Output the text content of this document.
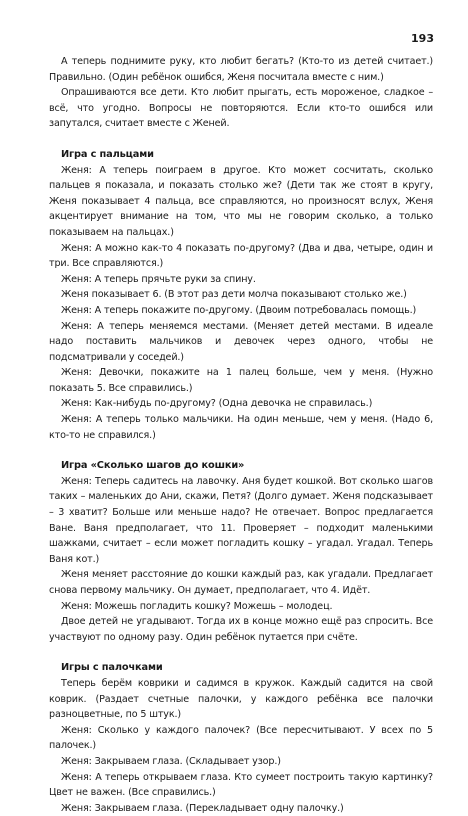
193

А теперь поднимите руку, кто любит бегать? (Кто-то из детей считает.) Правильно. (Один ребёнок ошибся, Женя посчитала вместе с ним.)

Опрашиваются все дети. Кто любит прыгать, есть мороженое, сладкое – всё, что угодно. Вопросы не повторяются. Если кто-то ошибся или запутался, считает вместе с Женей.

Игра с пальцами

Женя: А теперь поиграем в другое. Кто может сосчитать, сколько пальцев я показала, и показать столько же? (Дети так же стоят в кругу, Женя показывает 4 пальца, все справляются, но произносят вслух, Женя акцентирует внимание на том, что мы не говорим сколько, а только показываем на пальцах.)

Женя: А можно как-то 4 показать по-другому? (Два и два, четыре, один и три. Все справляются.)

Женя: А теперь прячьте руки за спину.

Женя показывает 6. (В этот раз дети молча показывают столько же.)

Женя: А теперь покажите по-другому. (Двоим потребовалась помощь.)

Женя: А теперь меняемся местами. (Меняет детей местами. В идеале надо поставить мальчиков и девочек через одного, чтобы не подсматривали у соседей.)

Женя: Девочки, покажите на 1 палец больше, чем у меня. (Нужно показать 5. Все справились.)

Женя: Как-нибудь по-другому? (Одна девочка не справилась.)

Женя: А теперь только мальчики. На один меньше, чем у меня. (Надо 6, кто-то не справился.)

Игра «Сколько шагов до кошки»

Женя: Теперь садитесь на лавочку. Аня будет кошкой. Вот сколько шагов таких – маленьких до Ани, скажи, Петя? (Долго думает. Женя подсказывает – 3 хватит? Больше или меньше надо? Не отвечает. Вопрос предлагается Ване. Ваня предполагает, что 11. Проверяет – подходит маленькими шажками, считает – если может погладить кошку – угадал. Угадал. Теперь Ваня кот.)

Женя меняет расстояние до кошки каждый раз, как угадали. Предлагает снова первому мальчику. Он думает, предполагает, что 4. Идёт.

Женя: Можешь погладить кошку? Можешь – молодец.

Двое детей не угадывают. Тогда их в конце можно ещё раз спросить. Все участвуют по одному разу. Один ребёнок путается при счёте.

Игры с палочками

Теперь берём коврики и садимся в кружок. Каждый садится на свой коврик. (Раздает счетные палочки, у каждого ребёнка все палочки разноцветные, по 5 штук.)

Женя: Сколько у каждого палочек? (Все пересчитывают. У всех по 5 палочек.)

Женя: Закрываем глаза. (Складывает узор.)

Женя: А теперь открываем глаза. Кто сумеет построить такую картинку? Цвет не важен. (Все справились.)

Женя: Закрываем глаза. (Перекладывает одну палочку.)
